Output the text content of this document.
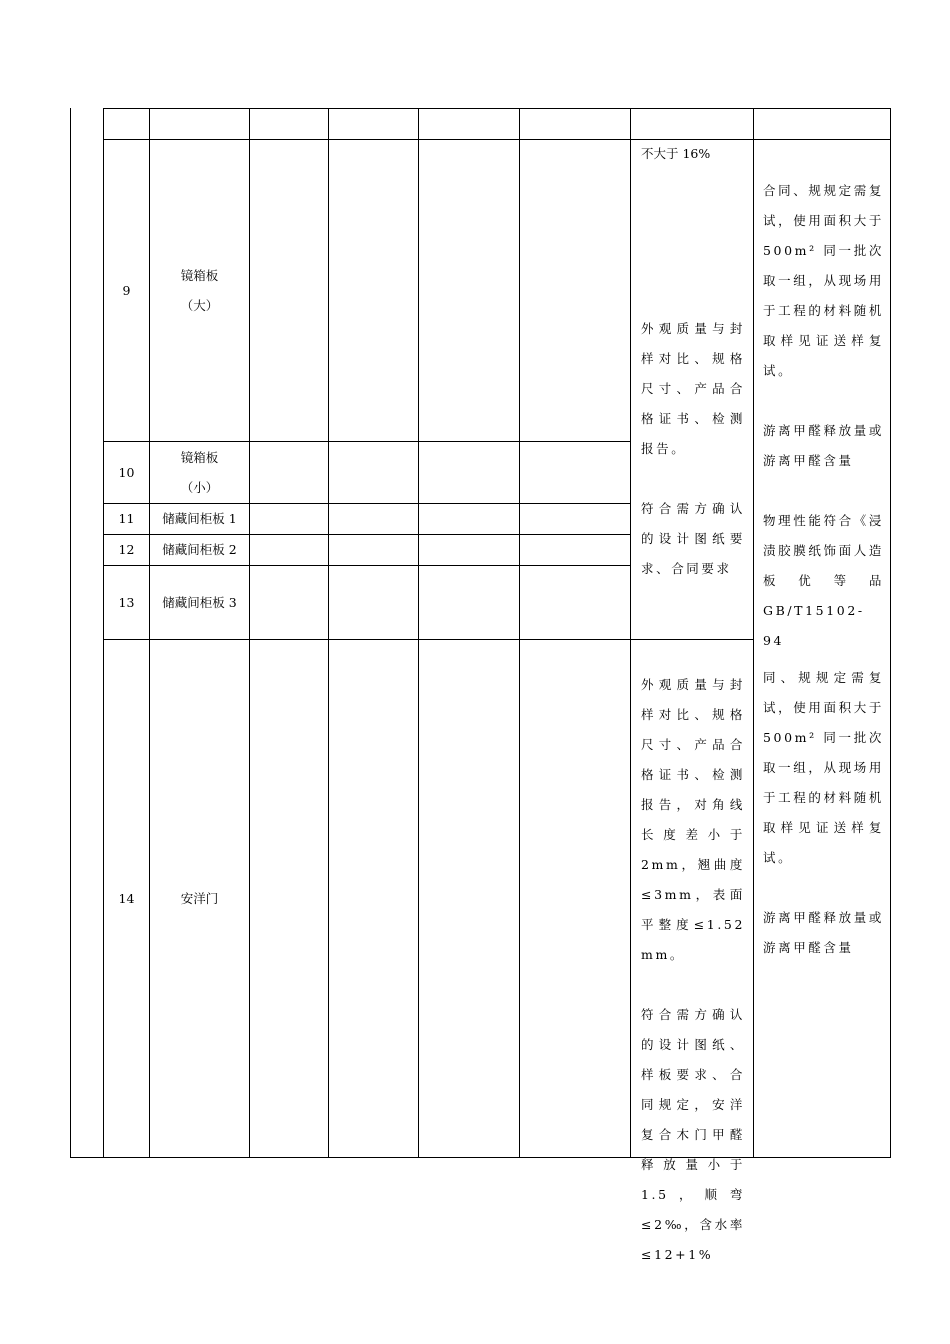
不大于 16%

9
镜箱板
（大）
10
镜箱板
（小）
11 储藏间柜板 1
12 储藏间柜板 2
13 储藏间柜板 3

外观质量与封样对比、规格尺寸、产品合格证书、检测报告。

符合需方确认的设计图纸要求、合同要求

合同、规规定需复试，使用面积大于 500m² 同一批次取一组，从现场用于工程的材料随机取样见证送样复试。

游离甲醛释放量或游离甲醛含量

物理性能符合《浸渍胶膜纸饰面人造板优等品 GB/T15102-94

14	安洋门

外观质量与封样对比、规格尺寸、产品合格证书、检测报告，对角线长度差小于 2mm，翘曲度≤3mm，表面平整度≤1.52 mm。

符合需方确认的设计图纸、样板要求、合同规定，安洋复合木门甲醛释放量小于 1.5，顺弯≤2‰，含水率≤12+1%

同、规规定需复试，使用面积大于 500m² 同一批次取一组，从现场用于工程的材料随机取样见证送样复试。

游离甲醛释放量或游离甲醛含量
